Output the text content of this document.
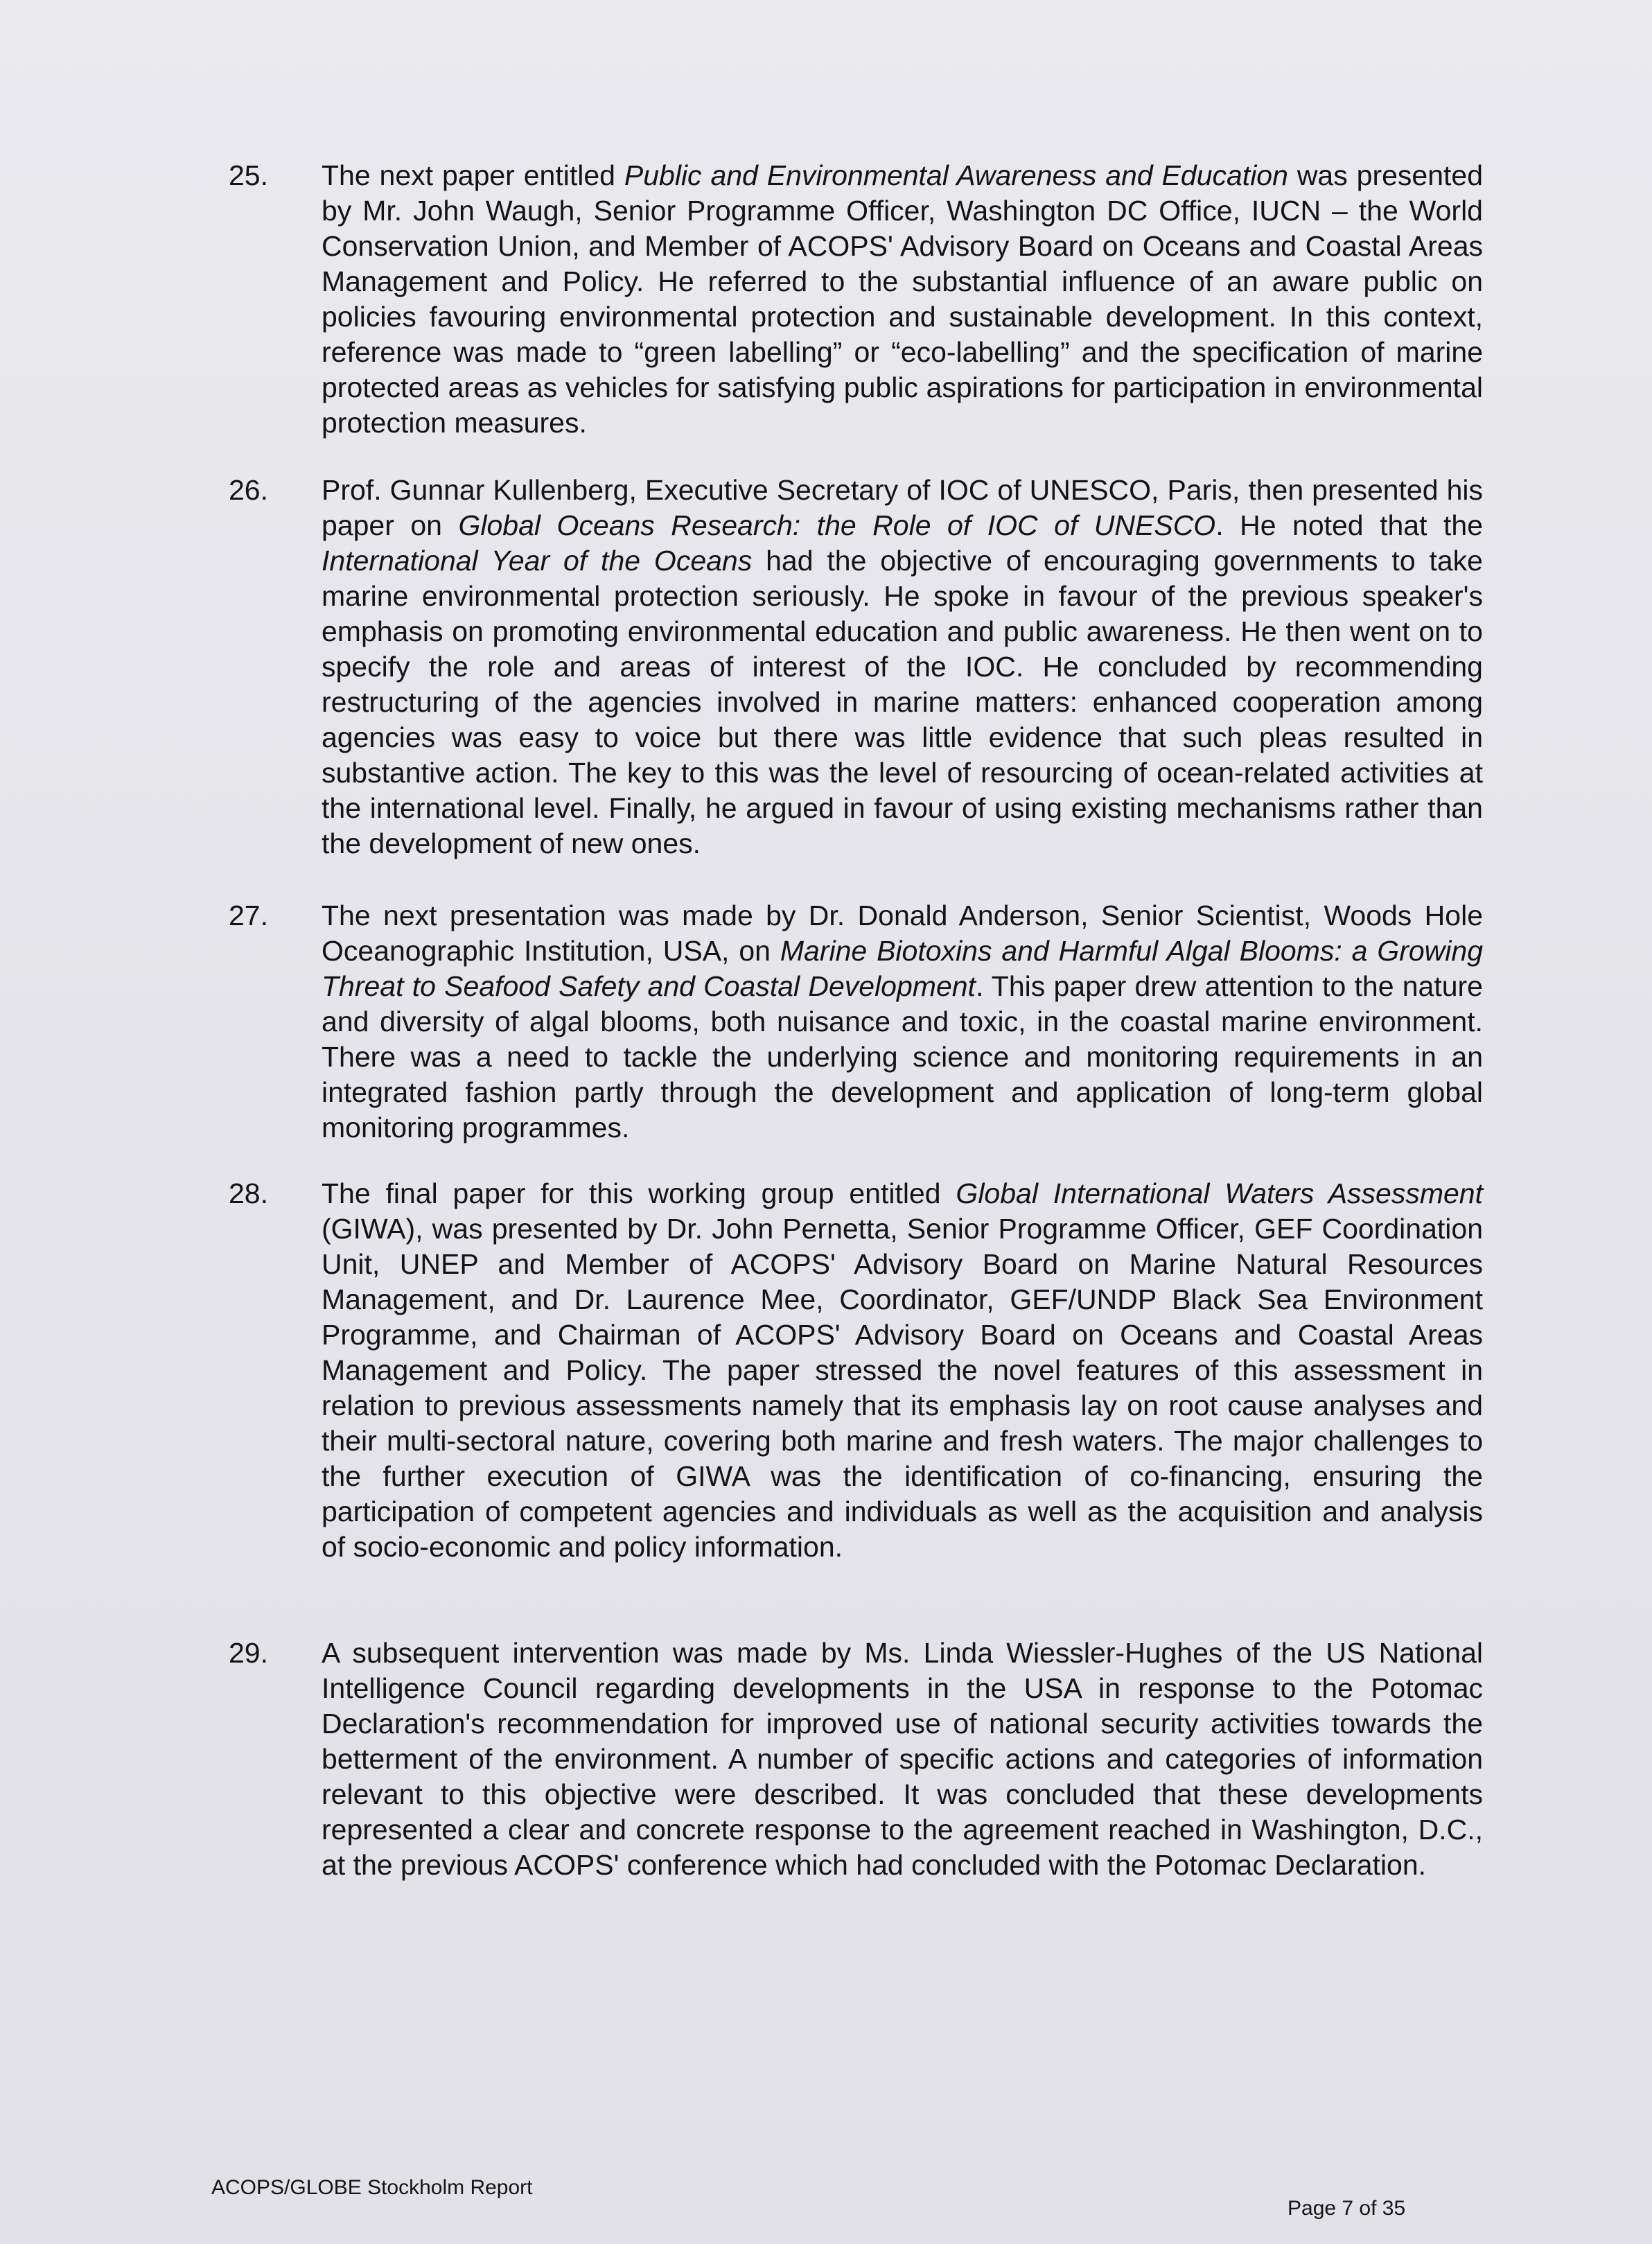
25.	The next paper entitled Public and Environmental Awareness and Education was presented by Mr. John Waugh, Senior Programme Officer, Washington DC Office, IUCN – the World Conservation Union, and Member of ACOPS' Advisory Board on Oceans and Coastal Areas Management and Policy. He referred to the substantial influence of an aware public on policies favouring environmental protection and sustainable development. In this context, reference was made to “green labelling” or “eco-labelling” and the specification of marine protected areas as vehicles for satisfying public aspirations for participation in environmental protection measures.
26.	Prof. Gunnar Kullenberg, Executive Secretary of IOC of UNESCO, Paris, then presented his paper on Global Oceans Research: the Role of IOC of UNESCO. He noted that the International Year of the Oceans had the objective of encouraging governments to take marine environmental protection seriously. He spoke in favour of the previous speaker's emphasis on promoting environmental education and public awareness. He then went on to specify the role and areas of interest of the IOC. He concluded by recommending restructuring of the agencies involved in marine matters: enhanced cooperation among agencies was easy to voice but there was little evidence that such pleas resulted in substantive action. The key to this was the level of resourcing of ocean-related activities at the international level. Finally, he argued in favour of using existing mechanisms rather than the development of new ones.
27.	The next presentation was made by Dr. Donald Anderson, Senior Scientist, Woods Hole Oceanographic Institution, USA, on Marine Biotoxins and Harmful Algal Blooms: a Growing Threat to Seafood Safety and Coastal Development. This paper drew attention to the nature and diversity of algal blooms, both nuisance and toxic, in the coastal marine environment. There was a need to tackle the underlying science and monitoring requirements in an integrated fashion partly through the development and application of long-term global monitoring programmes.
28.	The final paper for this working group entitled Global International Waters Assessment (GIWA), was presented by Dr. John Pernetta, Senior Programme Officer, GEF Coordination Unit, UNEP and Member of ACOPS' Advisory Board on Marine Natural Resources Management, and Dr. Laurence Mee, Coordinator, GEF/UNDP Black Sea Environment Programme, and Chairman of ACOPS' Advisory Board on Oceans and Coastal Areas Management and Policy. The paper stressed the novel features of this assessment in relation to previous assessments namely that its emphasis lay on root cause analyses and their multi-sectoral nature, covering both marine and fresh waters. The major challenges to the further execution of GIWA was the identification of co-financing, ensuring the participation of competent agencies and individuals as well as the acquisition and analysis of socio-economic and policy information.
29.	A subsequent intervention was made by Ms. Linda Wiessler-Hughes of the US National Intelligence Council regarding developments in the USA in response to the Potomac Declaration's recommendation for improved use of national security activities towards the betterment of the environment. A number of specific actions and categories of information relevant to this objective were described. It was concluded that these developments represented a clear and concrete response to the agreement reached in Washington, D.C., at the previous ACOPS' conference which had concluded with the Potomac Declaration.
ACOPS/GLOBE Stockholm Report
Page 7 of 35
